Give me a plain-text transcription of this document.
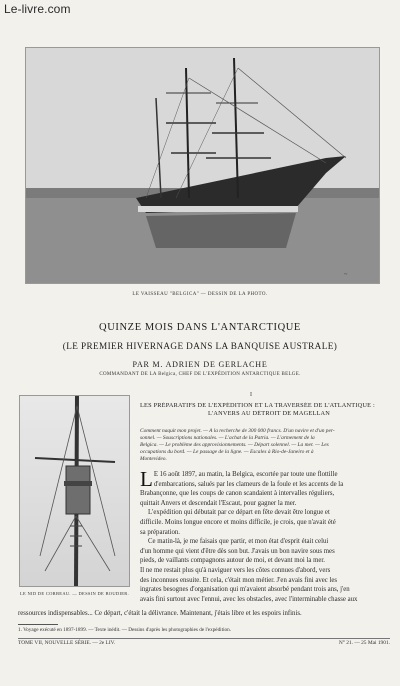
Le-livre.com
~
LE VAISSEAU "BELGICA" — DESSIN DE LA PHOTO.
QUINZE MOIS DANS L'ANTARCTIQUE
(LE PREMIER HIVERNAGE DANS LA BANQUISE AUSTRALE)
PAR M. ADRIEN DE GERLACHE
COMMANDANT DE LA Belgica, CHEF DE L'EXPÉDITION ANTARCTIQUE BELGE.
LE NID DE CORBEAU. — DESSIN DE BOUDIER.
I
LES PRÉPARATIFS DE L'EXPÉDITION ET LA TRAVERSÉE DE L'ATLANTIQUE :
L'ANVERS AU DÉTROIT DE MAGELLAN
Comment naquit mon projet. — A la recherche de 300 000 francs. D'un navire et d'un per-
sonnel. — Souscriptions nationales. — L'achat de la Patria. — L'armement de la
Belgica. — Le problème des approvisionnements. — Départ solennel. — La mer. — Les
occupations du bord. — Le passage de la ligne. — Escales à Rio-de-Janeiro et à
Montevideo.
L E 16 août 1897, au matin, la Belgica, escortée par toute une flottille
d'embarcations, salués par les clameurs de la foule et les accents de la
Brabançonne, que les coups de canon scandaient à intervalles réguliers,
quittait Anvers et descendait l'Escaut, pour gagner la mer.
L'expédition qui débutait par ce départ en fête devait être longue et
difficile. Moins longue encore et moins difficile, je crois, que n'avait été
sa préparation.
Ce matin-là, je me faisais que partir, et mon état d'esprit était celui
d'un homme qui vient d'être dès son but. J'avais un bon navire sous mes
pieds, de vaillants compagnons autour de moi, et devant moi la mer.
Il ne me restait plus qu'à naviguer vers les côtes connues d'abord, vers
des inconnues ensuite. Et cela, c'était mon métier. J'en avais fini avec les
ingrates besognes d'organisation qui m'avaient absorbé pendant trois ans, j'en
avais fini surtout avec l'ennui, avec les obstacles, avec l'interminable chasse aux
ressources indispensables... Ce départ, c'était la délivrance. Maintenant, j'étais libre et les espoirs infinis.
1. Voyage exécuté en 1897-1899. — Texte inédit. — Dessins d'après les photographies de l'expédition.
TOME VII, NOUVELLE SÉRIE. — 2e LIV.	N° 21. — 25 Mai 1901.
